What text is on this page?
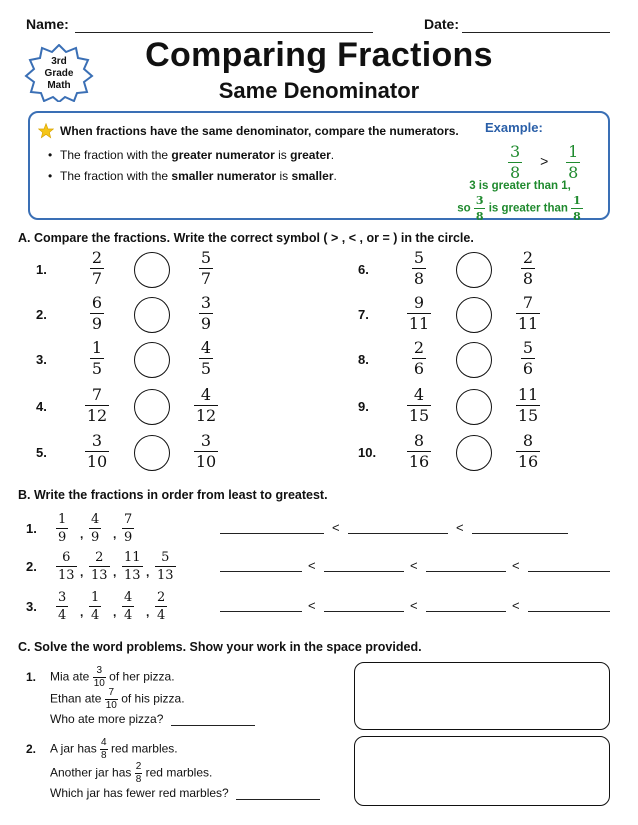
Name:	Date:
3rd
Grade
Math
Comparing Fractions
Same Denominator
When fractions have the same denominator, compare the numerators.
• The fraction with the greater numerator is greater.
• The fraction with the smaller numerator is smaller.
Example:
$\frac{3}{8} > \frac{1}{8}$
3 is greater than 1,
so $\frac{3}{8}$ is greater than $\frac{1}{8}$
A. Compare the fractions. Write the correct symbol ( > , < , or = ) in the circle.
1.	$\frac{2}{7}$	$\frac{5}{7}$
2.	$\frac{6}{9}$	$\frac{3}{9}$
3.	$\frac{1}{5}$	$\frac{4}{5}$
4. $\frac{7}{12}$	$\frac{4}{12}$
5. $\frac{3}{10}$	$\frac{3}{10}$
6.	$\frac{5}{8}$	$\frac{2}{8}$
7. $\frac{9}{11}$	$\frac{7}{11}$
8.	$\frac{2}{6}$	$\frac{5}{6}$
9. $\frac{4}{15}$	$\frac{11}{15}$
10. $\frac{8}{16}$	$\frac{8}{16}$
B. Write the fractions in order from least to greatest.
1. $\frac{1}{9}$ , $\frac{4}{9}$ , $\frac{7}{9}$	<	<
2. $\frac{6}{13}$ , $\frac{2}{13}$ , $\frac{11}{13}$ , $\frac{5}{13}$	<	<	<
3. $\frac{3}{4}$ , $\frac{1}{4}$ , $\frac{4}{4}$ , $\frac{2}{4}$	<	<	<
C. Solve the word problems. Show your work in the space provided.
1. Mia ate $\frac{3}{10}$ of her pizza.
Ethan ate $\frac{7}{10}$ of his pizza.
Who ate more pizza?
2. A jar has $\frac{4}{8}$ red marbles.
Another jar has $\frac{2}{8}$ red marbles.
Which jar has fewer red marbles?
